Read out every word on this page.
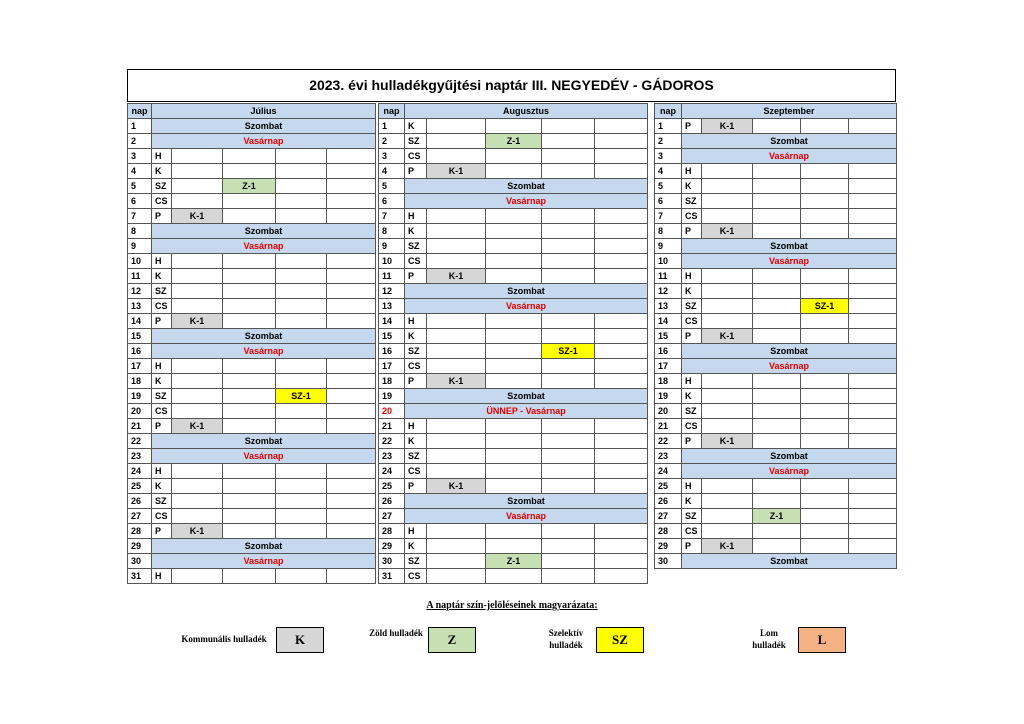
2023. évi hulladékgyűjtési naptár III. NEGYEDÉV - GÁDOROS
nap	Július				
1	Szombat				
2	Vasárnap				
3	H				
4	K				
5	SZ		Z-1		
6	CS				
7	P	K-1			
8	Szombat				
9	Vasárnap				
10	H				
11	K				
12	SZ				
13	CS				
14	P	K-1			
15	Szombat				
16	Vasárnap				
17	H				
18	K				
19	SZ			SZ-1	
20	CS				
21	P	K-1			
22	Szombat				
23	Vasárnap				
24	H				
25	K				
26	SZ				
27	CS				
28	P	K-1			
29	Szombat				
30	Vasárnap				
31	H				
nap	Augusztus				
1	K				
2	SZ		Z-1		
3	CS				
4	P	K-1			
5	Szombat				
6	Vasárnap				
7	H				
8	K				
9	SZ				
10	CS				
11	P	K-1			
12	Szombat				
13	Vasárnap				
14	H				
15	K				
16	SZ			SZ-1	
17	CS				
18	P	K-1			
19	Szombat				
20	ÜNNEP - Vasárnap				
21	H				
22	K				
23	SZ				
24	CS				
25	P	K-1			
26	Szombat				
27	Vasárnap				
28	H				
29	K				
30	SZ		Z-1		
31	CS				
nap	Szeptember				
1	P	K-1			
2	Szombat				
3	Vasárnap				
4	H				
5	K				
6	SZ				
7	CS				
8	P	K-1			
9	Szombat				
10	Vasárnap				
11	H				
12	K				
13	SZ			SZ-1	
14	CS				
15	P	K-1			
16	Szombat				
17	Vasárnap				
18	H				
19	K				
20	SZ				
21	CS				
22	P	K-1			
23	Szombat				
24	Vasárnap				
25	H				
26	K				
27	SZ		Z-1		
28	CS				
29	P	K-1			
30	Szombat				
A naptár szín-jelöléseinek magyarázata:
Kommunális hulladék	K	Zöld hulladék	Z	Szelektív hulladék	SZ	Lom hulladék	L
